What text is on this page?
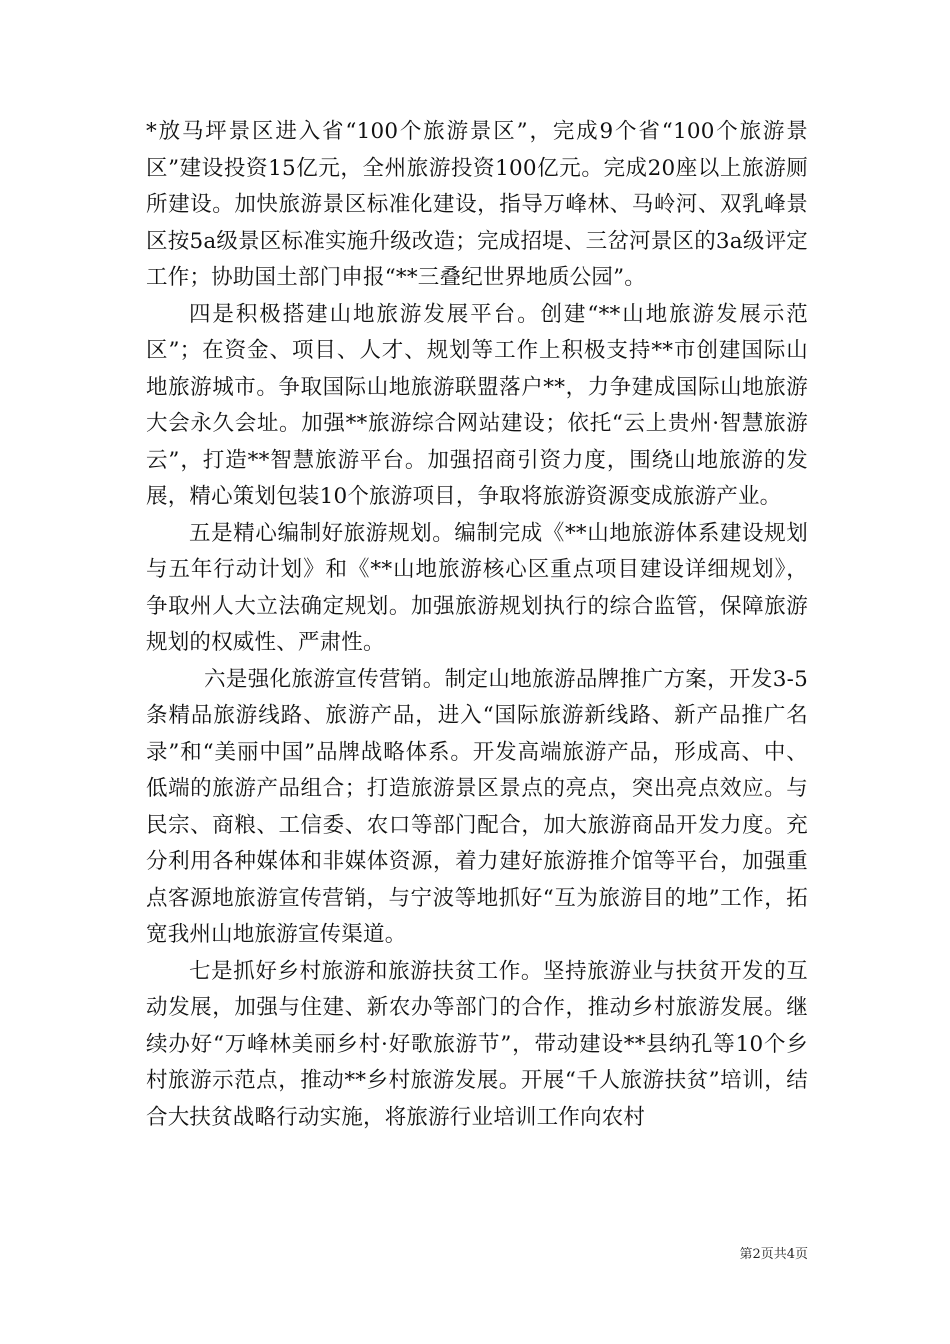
*放马坪景区进入省“100个旅游景区”，完成9个省“100个旅游景区”建设投资15亿元，全州旅游投资100亿元。完成20座以上旅游厕所建设。加快旅游景区标准化建设，指导万峰林、马岭河、双乳峰景区按5a级景区标准实施升级改造；完成招堤、三岔河景区的3a级评定工作；协助国土部门申报“**三叠纪世界地质公园”。

四是积极搭建山地旅游发展平台。创建“**山地旅游发展示范区”；在资金、项目、人才、规划等工作上积极支持**市创建国际山地旅游城市。争取国际山地旅游联盟落户**，力争建成国际山地旅游大会永久会址。加强**旅游综合网站建设；依托“云上贵州·智慧旅游云”，打造**智慧旅游平台。加强招商引资力度，围绕山地旅游的发展，精心策划包装10个旅游项目，争取将旅游资源变成旅游产业。

五是精心编制好旅游规划。编制完成《**山地旅游体系建设规划与五年行动计划》和《**山地旅游核心区重点项目建设详细规划》，争取州人大立法确定规划。加强旅游规划执行的综合监管，保障旅游规划的权威性、严肃性。

六是强化旅游宣传营销。制定山地旅游品牌推广方案，开发3-5条精品旅游线路、旅游产品，进入“国际旅游新线路、新产品推广名录”和“美丽中国”品牌战略体系。开发高端旅游产品，形成高、中、低端的旅游产品组合；打造旅游景区景点的亮点，突出亮点效应。与民宗、商粮、工信委、农口等部门配合，加大旅游商品开发力度。充分利用各种媒体和非媒体资源，着力建好旅游推介馆等平台，加强重点客源地旅游宣传营销，与宁波等地抓好“互为旅游目的地”工作，拓宽我州山地旅游宣传渠道。

七是抓好乡村旅游和旅游扶贫工作。坚持旅游业与扶贫开发的互动发展，加强与住建、新农办等部门的合作，推动乡村旅游发展。继续办好“万峰林美丽乡村·好歌旅游节”，带动建设**县纳孔等10个乡村旅游示范点，推动**乡村旅游发展。开展“千人旅游扶贫”培训，结合大扶贫战略行动实施，将旅游行业培训工作向农村

第2页共4页
